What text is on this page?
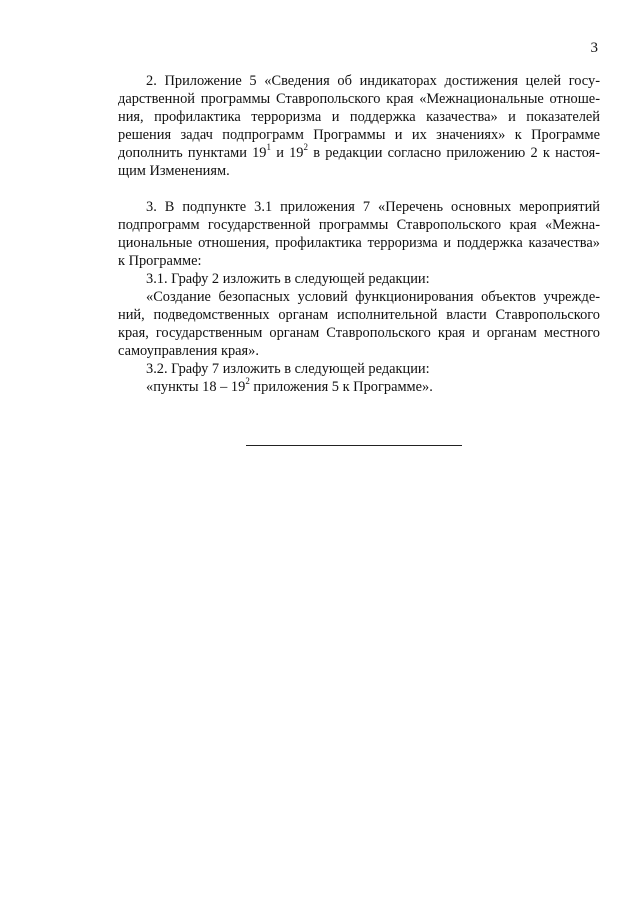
3
2. Приложение 5 «Сведения об индикаторах достижения целей госу-
дарственной программы Ставропольского края «Межнациональные отноше-
ния, профилактика терроризма и поддержка казачества» и показателей
решения задач подпрограмм Программы и их значениях» к Программе
дополнить пунктами $19^1$ и $19^2$ в редакции согласно приложению 2 к настоя-
щим Изменениям.
3. В подпункте 3.1 приложения 7 «Перечень основных мероприятий
подпрограмм государственной программы Ставропольского края «Межна-
циональные отношения, профилактика терроризма и поддержка казачества»
к Программе:
3.1. Графу 2 изложить в следующей редакции:
«Создание безопасных условий функционирования объектов учрежде-
ний, подведомственных органам исполнительной власти Ставропольского
края, государственным органам Ставропольского края и органам местного
самоуправления края».
3.2. Графу 7 изложить в следующей редакции:
«пункты $18 - 19^2$ приложения 5 к Программе».
